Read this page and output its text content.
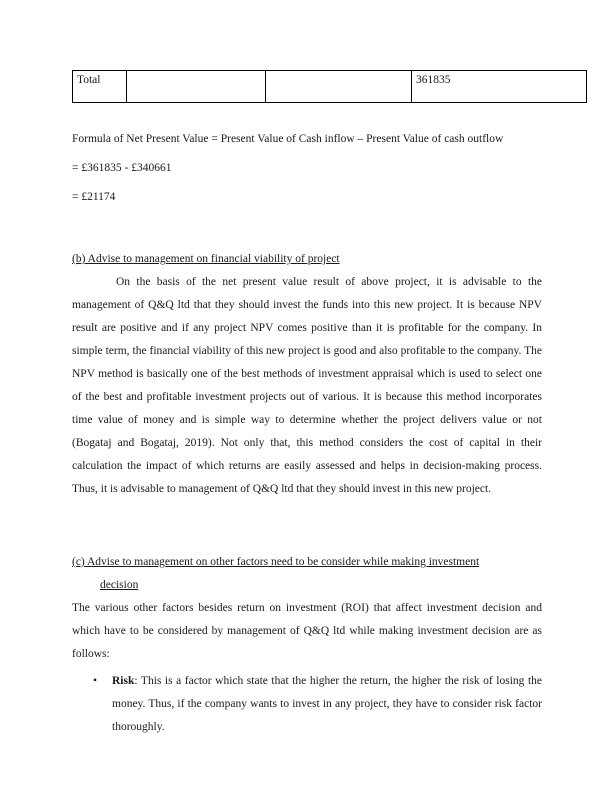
Total			361835

Formula of Net Present Value = Present Value of Cash inflow – Present Value of cash outflow

= £361835 - £340661

= £21174

(b) Advise to management on financial viability of project

On the basis of the net present value result of above project, it is advisable to the management of Q&Q ltd that they should invest the funds into this new project. It is because NPV result are positive and if any project NPV comes positive than it is profitable for the company. In simple term, the financial viability of this new project is good and also profitable to the company. The NPV method is basically one of the best methods of investment appraisal which is used to select one of the best and profitable investment projects out of various. It is because this method incorporates time value of money and is simple way to determine whether the project delivers value or not (Bogataj and Bogataj, 2019). Not only that, this method considers the cost of capital in their calculation the impact of which returns are easily assessed and helps in decision-making process. Thus, it is advisable to management of Q&Q ltd that they should invest in this new project.

(c) Advise to management on other factors need to be consider while making investment
decision

The various other factors besides return on investment (ROI) that affect investment decision and which have to be considered by management of Q&Q ltd while making investment decision are as follows:

• Risk: This is a factor which state that the higher the return, the higher the risk of losing the money. Thus, if the company wants to invest in any project, they have to consider risk factor thoroughly.
